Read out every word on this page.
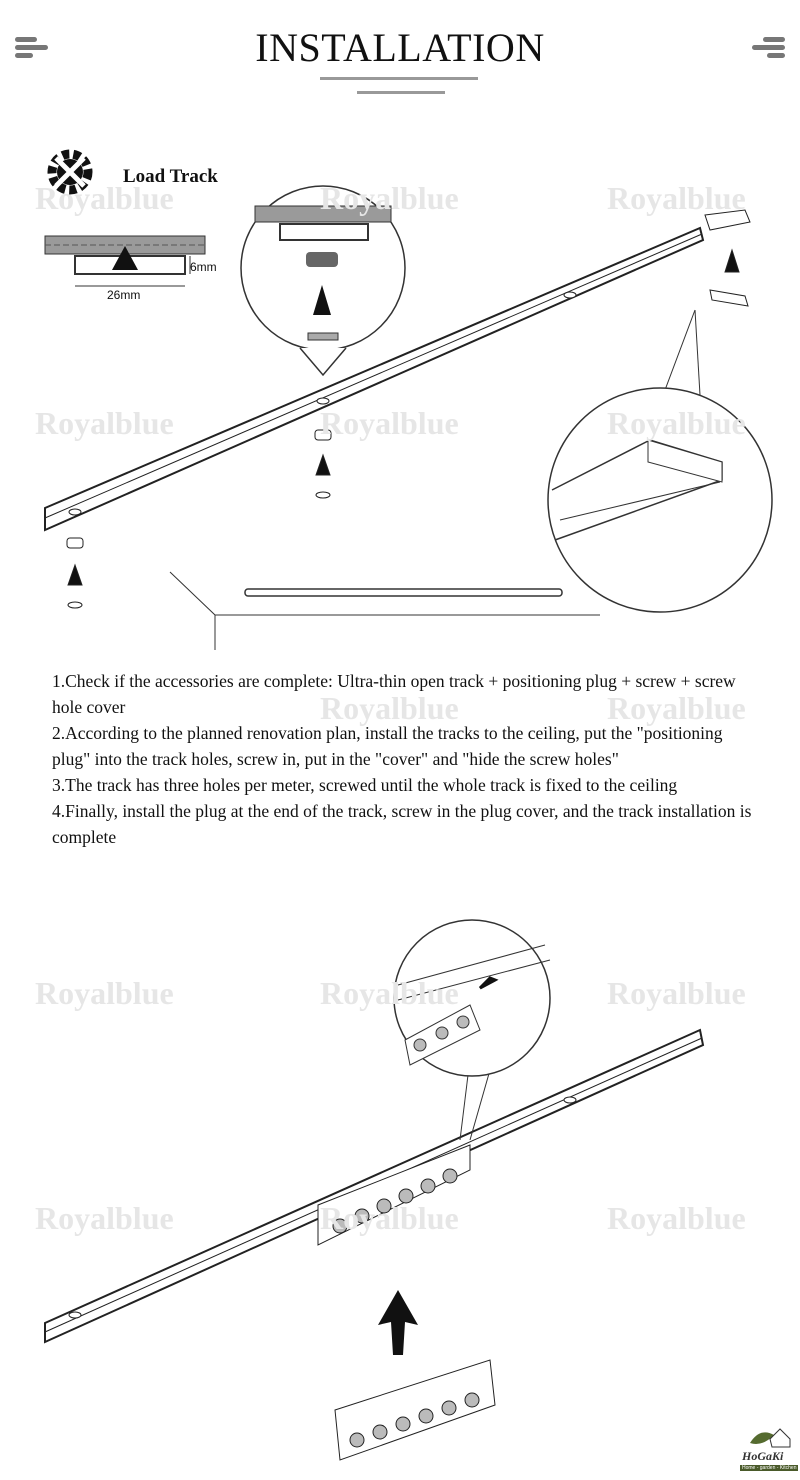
INSTALLATION
Royalblue	Royalblue	Royalblue
Royalblue	Royalblue	Royalblue
Royalblue	Royalblue
Royalblue	Royalblue	Royalblue
Royalblue	Royalblue	Royalblue
Load Track
26mm
6mm

1.Check if the accessories are complete: Ultra-thin open track + positioning plug + screw + screw hole cover

2.According to the planned renovation plan, install the tracks to the ceiling, put the "positioning plug" into the track holes, screw in, put in the "cover" and "hide the screw holes"

3.The track has three holes per meter, screwed until the whole track is fixed to the ceiling

4.Finally, install the plug at the end of the track, screw in the plug cover, and the track installation is complete

HoGaKi
Home - garden - Kitchen
